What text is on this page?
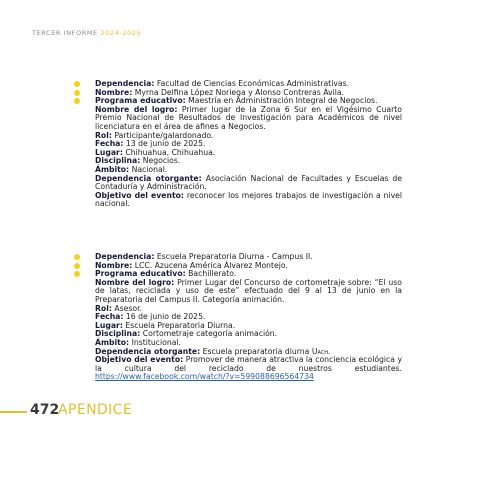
TERCER INFORME 2024-2025
Dependencia: Facultad de Ciencias Económicas Administrativas.
Nombre: Myrna Delfina López Noriega y Alonso Contreras Ávila.
Programa educativo: Maestría en Administración Integral de Negocios.
Nombre del logro: Primer lugar de la Zona 6 Sur en el Vigésimo Cuarto Premio Nacional de Resultados de Investigación para Académicos de nivel licenciatura en el área de afines a Negocios.
Rol: Participante/galardonado.
Fecha: 13 de junio de 2025.
Lugar: Chihuahua, Chihuahua.
Disciplina: Negocios.
Ámbito: Nacional.
Dependencia otorgante: Asociación Nacional de Facultades y Escuelas de Contaduría y Administración.
Objetivo del evento: reconocer los mejores trabajos de investigación a nivel nacional.
Dependencia: Escuela Preparatoria Diurna - Campus II.
Nombre: LCC. Azucena América Álvarez Montejo.
Programa educativo: Bachillerato.
Nombre del logro: Primer Lugar del Concurso de cortometraje sobre: “El uso de latas, reciclada y uso de este” efectuado del 9 al 13 de junio en la Preparatoria del Campus II. Categoría animación.
Rol: Asesor.
Fecha: 16 de junio de 2025.
Lugar: Escuela Preparatoria Diurna.
Disciplina: Cortometraje categoría animación.
Ámbito: Institucional.
Dependencia otorgante: Escuela preparatoria diurna Uach.
Objetivo del evento: Promover de manera atractiva la conciencia ecológica y la cultura del reciclado de nuestros estudiantes. https://www.facebook.com/watch/?v=599088696564734
472
APENDICE
